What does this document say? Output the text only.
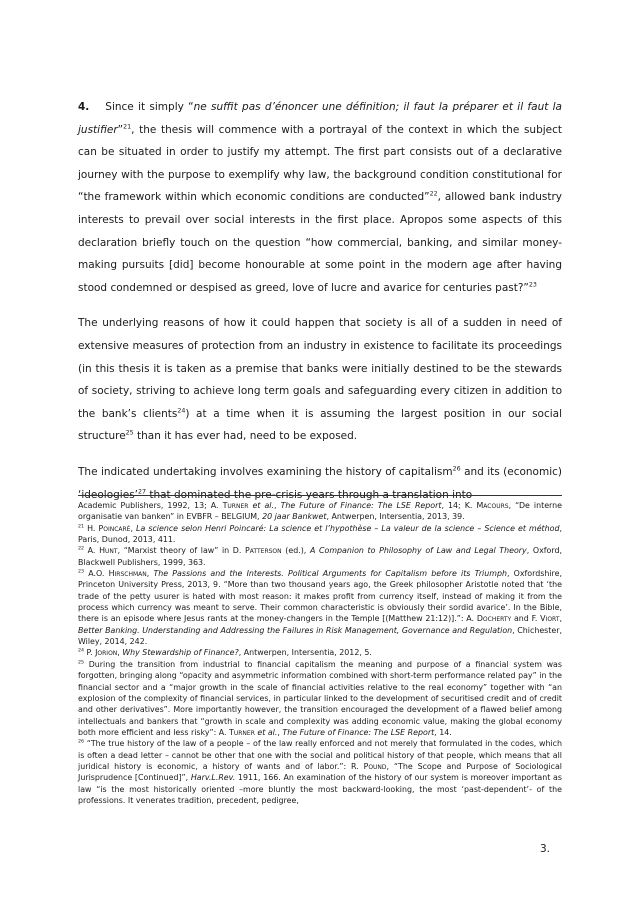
4. Since it simply “ne suffit pas d’énoncer une définition; il faut la préparer et il faut la justifier”$^{21}$, the thesis will commence with a portrayal of the context in which the subject can be situated in order to justify my attempt. The first part consists out of a declarative journey with the purpose to exemplify why law, the background condition constitutional for “the framework within which economic conditions are conducted”$^{22}$, allowed bank industry interests to prevail over social interests in the first place. Apropos some aspects of this declaration briefly touch on the question “how commercial, banking, and similar money-making pursuits [did] become honourable at some point in the modern age after having stood condemned or despised as greed, love of lucre and avarice for centuries past?”$^{23}$

The underlying reasons of how it could happen that society is all of a sudden in need of extensive measures of protection from an industry in existence to facilitate its proceedings (in this thesis it is taken as a premise that banks were initially destined to be the stewards of society, striving to achieve long term goals and safeguarding every citizen in addition to the bank’s clients$^{24}$) at a time when it is assuming the largest position in our social structure$^{25}$ than it has ever had, need to be exposed.

The indicated undertaking involves examining the history of capitalism$^{26}$ and its (economic) ‘ideologies’$^{27}$ that dominated the pre-crisis years through a translation into

Academic Publishers, 1992, 13; A. Turner et al., The Future of Finance: The LSE Report, 14; K. Macours, “De interne organisatie van banken” in EVBFR – BELGIUM, 20 jaar Bankwet, Antwerpen, Intersentia, 2013, 39.

$^{21}$ H. Poincaré, La science selon Henri Poincaré: La science et l’hypothèse – La valeur de la science – Science et méthod, Paris, Dunod, 2013, 411.

$^{22}$ A. Hunt, “Marxist theory of law” in D. Patterson (ed.), A Companion to Philosophy of Law and Legal Theory, Oxford, Blackwell Publishers, 1999, 363.

$^{23}$ A.O. Hirschman, The Passions and the Interests. Political Arguments for Capitalism before its Triumph, Oxfordshire, Princeton University Press, 2013, 9. “More than two thousand years ago, the Greek philosopher Aristotle noted that ‘the trade of the petty usurer is hated with most reason: it makes profit from currency itself, instead of making it from the process which currency was meant to serve. Their common characteristic is obviously their sordid avarice’. In the Bible, there is an episode where Jesus rants at the money-changers in the Temple [(Matthew 21:12)].”: A. Docherty and F. Viort, Better Banking. Understanding and Addressing the Failures in Risk Management, Governance and Regulation, Chichester, Wiley, 2014, 242.

$^{24}$ P. Jorion, Why Stewardship of Finance?, Antwerpen, Intersentia, 2012, 5.

$^{25}$ During the transition from industrial to financial capitalism the meaning and purpose of a financial system was forgotten, bringing along “opacity and asymmetric information combined with short-term performance related pay” in the financial sector and a “major growth in the scale of financial activities relative to the real economy” together with “an explosion of the complexity of financial services, in particular linked to the development of securitised credit and of credit and other derivatives”. More importantly however, the transition encouraged the development of a flawed belief among intellectuals and bankers that “growth in scale and complexity was adding economic value, making the global economy both more efficient and less risky”: A. Turner et al., The Future of Finance: The LSE Report, 14.

$^{26}$ “The true history of the law of a people – of the law really enforced and not merely that formulated in the codes, which is often a dead letter – cannot be other that one with the social and political history of that people, which means that all juridical history is economic, a history of wants and of labor.”: R. Pound, “The Scope and Purpose of Sociological Jurisprudence [Continued]”, Harv.L.Rev. 1911, 166. An examination of the history of our system is moreover important as law “is the most historically oriented –more bluntly the most backward-looking, the most ‘past-dependent’- of the professions. It venerates tradition, precedent, pedigree,

3.
